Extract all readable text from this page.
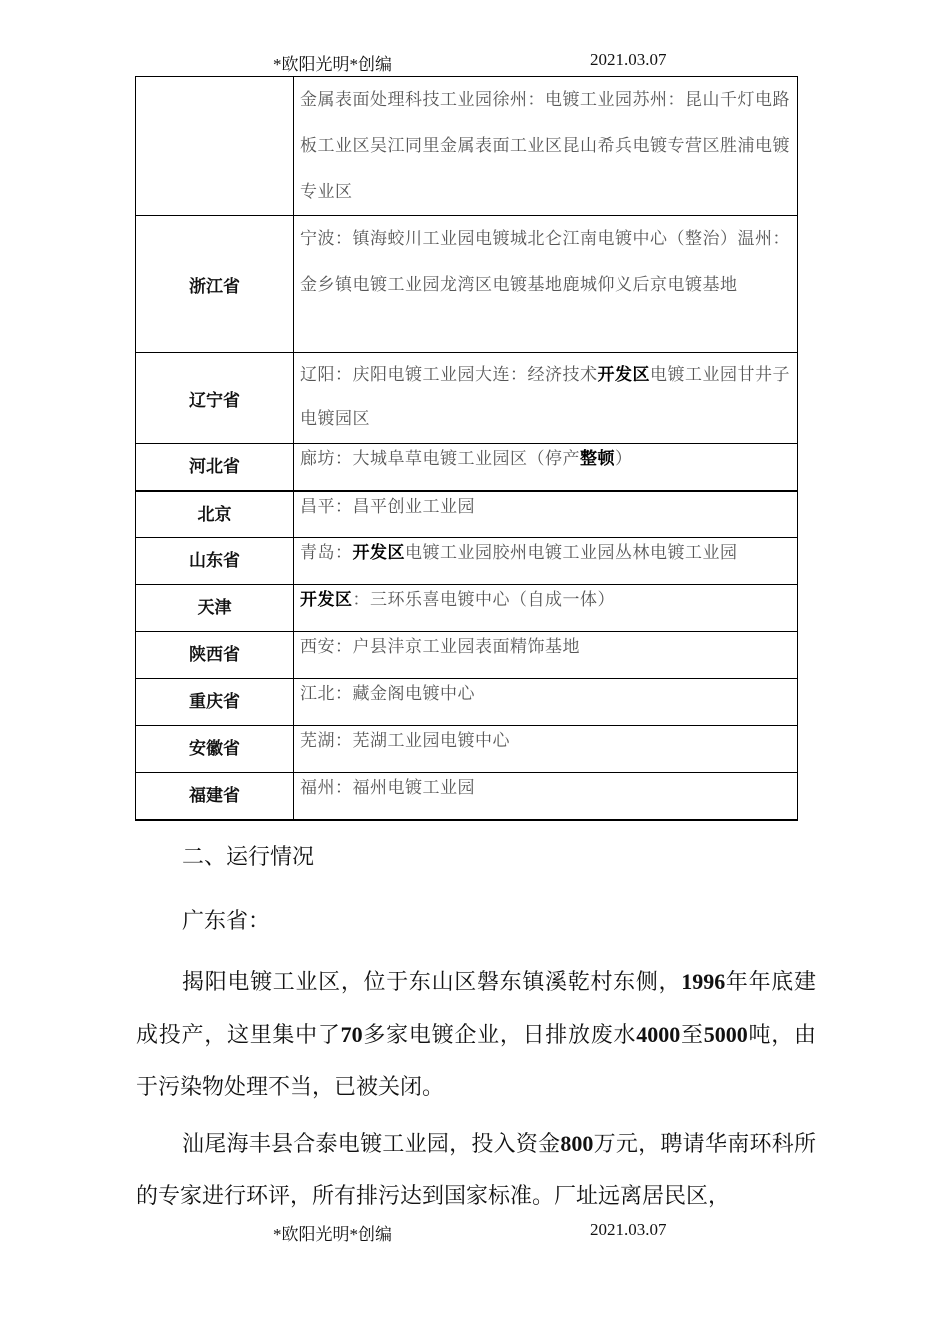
*欧阳光明*创编	2021.03.07
	金属表面处理科技工业园徐州：电镀工业园苏州：昆山千灯电路板工业区吴江同里金属表面工业区昆山希兵电镀专营区胜浦电镀专业区
浙江省	宁波：镇海蛟川工业园电镀城北仑江南电镀中心（整治）温州：金乡镇电镀工业园龙湾区电镀基地鹿城仰义后京电镀基地
辽宁省	辽阳：庆阳电镀工业园大连：经济技术开发区电镀工业园甘井子电镀园区
河北省	廊坊：大城阜草电镀工业园区（停产整顿）
北京	昌平：昌平创业工业园
山东省	青岛：开发区电镀工业园胶州电镀工业园丛林电镀工业园
天津	开发区：三环乐喜电镀中心（自成一体）
陕西省	西安：户县沣京工业园表面精饰基地
重庆省	江北：藏金阁电镀中心
安徽省	芜湖：芜湖工业园电镀中心
福建省	福州：福州电镀工业园
二、运行情况
广东省：
揭阳电镀工业区，位于东山区磐东镇溪乾村东侧，1996年年底建成投产，这里集中了70多家电镀企业，日排放废水4000至5000吨，由于污染物处理不当，已被关闭。
汕尾海丰县合泰电镀工业园，投入资金800万元，聘请华南环科所的专家进行环评，所有排污达到国家标准。厂址远离居民区，
*欧阳光明*创编	2021.03.07
